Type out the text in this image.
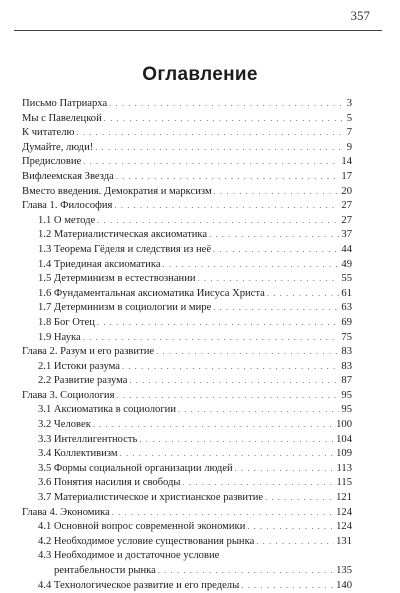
357
Оглавление
Письмо Патриарха . . .	3
Мы с Павелецкой . . .	5
К читателю . . .	7
Думайте, люди! . . .	9
Предисловие . . .	14
Вифлеемская Звезда . . .	17
Вместо введения. Демократия и марксизм . . .	20
Глава 1. Философия . . .	27
1.1 О методе . . .	27
1.2 Материалистическая аксиоматика . . .	37
1.3 Теорема Гёделя и следствия из неё . . .	44
1.4 Триединая аксиоматика . . .	49
1.5 Детерминизм в естествознании . . .	55
1.6 Фундаментальная аксиоматика Иисуса Христа . . .	61
1.7 Детерминизм в социологии и мире . . .	63
1.8 Бог Отец . . .	69
1.9 Наука . . .	75
Глава 2. Разум и его развитие . . .	83
2.1 Истоки разума . . .	83
2.2 Развитие разума . . .	87
Глава 3. Социология . . .	95
3.1 Аксиоматика в социологии . . .	95
3.2 Человек . . .	100
3.3 Интеллигентность . . .	104
3.4 Коллективизм . . .	109
3.5 Формы социальной организации людей . . .	113
3.6 Понятия насилия и свободы . . .	115
3.7 Материалистическое и христианское развитие . . .	121
Глава 4. Экономика . . .	124
4.1 Основной вопрос современной экономики . . .	124
4.2 Необходимое условие существования рынка . . .	131
4.3 Необходимое и достаточное условие
рентабельности рынка . . .	135
4.4 Технологическое развитие и его пределы . . .	140
